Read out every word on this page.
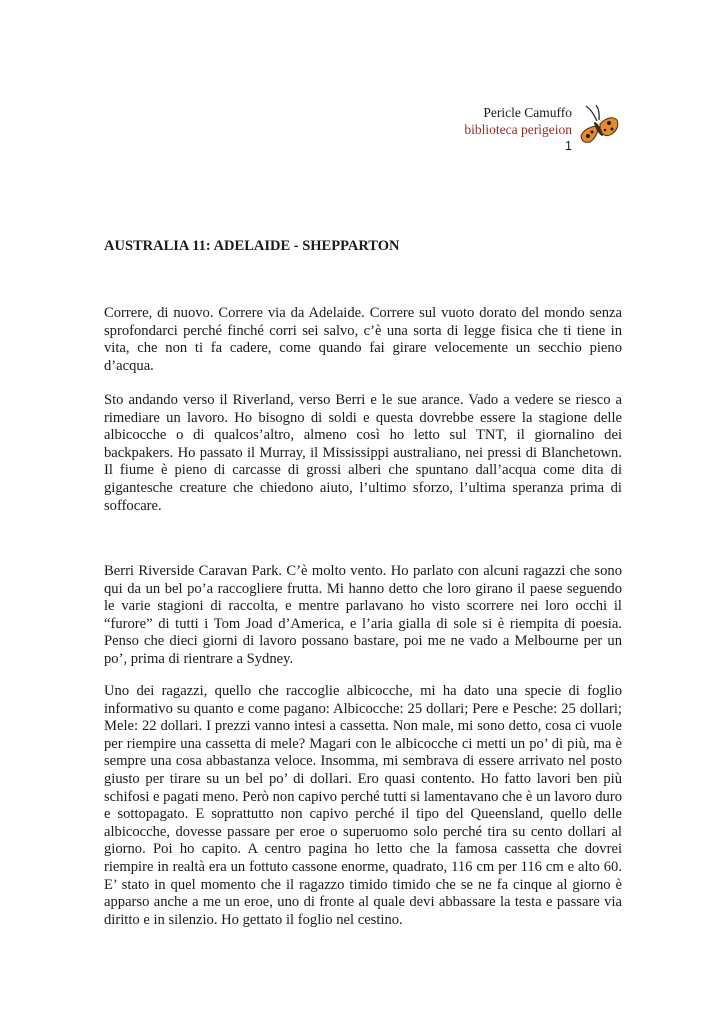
Pericle Camuffo
biblioteca perìgeion
1
AUSTRALIA 11: ADELAIDE - SHEPPARTON

Correre, di nuovo. Correre via da Adelaide. Correre sul vuoto dorato del mondo senza sprofondarci perché finché corri sei salvo, c’è una sorta di legge fisica che ti tiene in vita, che non ti fa cadere, come quando fai girare velocemente un secchio pieno d’acqua.

Sto andando verso il Riverland, verso Berri e le sue arance. Vado a vedere se riesco a rimediare un lavoro. Ho bisogno di soldi e questa dovrebbe essere la stagione delle albicocche o di qualcos’altro, almeno così ho letto sul TNT, il giornalino dei backpakers. Ho passato il Murray, il Mississippi australiano, nei pressi di Blanchetown. Il fiume è pieno di carcasse di grossi alberi che spuntano dall’acqua come dita di gigantesche creature che chiedono aiuto, l’ultimo sforzo, l’ultima speranza prima di soffocare.

Berri Riverside Caravan Park. C’è molto vento. Ho parlato con alcuni ragazzi che sono qui da un bel po’a raccogliere frutta. Mi hanno detto che loro girano il paese seguendo le varie stagioni di raccolta, e mentre parlavano ho visto scorrere nei loro occhi il “furore” di tutti i Tom Joad d’America, e l’aria gialla di sole si è riempita di poesia. Penso che dieci giorni di lavoro possano bastare, poi me ne vado a Melbourne per un po’, prima di rientrare a Sydney.

Uno dei ragazzi, quello che raccoglie albicocche, mi ha dato una specie di foglio informativo su quanto e come pagano: Albicocche: 25 dollari; Pere e Pesche: 25 dollari; Mele: 22 dollari. I prezzi vanno intesi a cassetta. Non male, mi sono detto, cosa ci vuole per riempire una cassetta di mele? Magari con le albicocche ci metti un po’ di più, ma è sempre una cosa abbastanza veloce. Insomma, mi sembrava di essere arrivato nel posto giusto per tirare su un bel po’ di dollari. Ero quasi contento. Ho fatto lavori ben più schifosi e pagati meno. Però non capivo perché tutti si lamentavano che è un lavoro duro e sottopagato. E soprattutto non capivo perché il tipo del Queensland, quello delle albicocche, dovesse passare per eroe o superuomo solo perché tira su cento dollari al giorno. Poi ho capito. A centro pagina ho letto che la famosa cassetta che dovrei riempire in realtà era un fottuto cassone enorme, quadrato, 116 cm per 116 cm e alto 60. E’ stato in quel momento che il ragazzo timido timido che se ne fa cinque al giorno è apparso anche a me un eroe, uno di fronte al quale devi abbassare la testa e passare via diritto e in silenzio. Ho gettato il foglio nel cestino.
